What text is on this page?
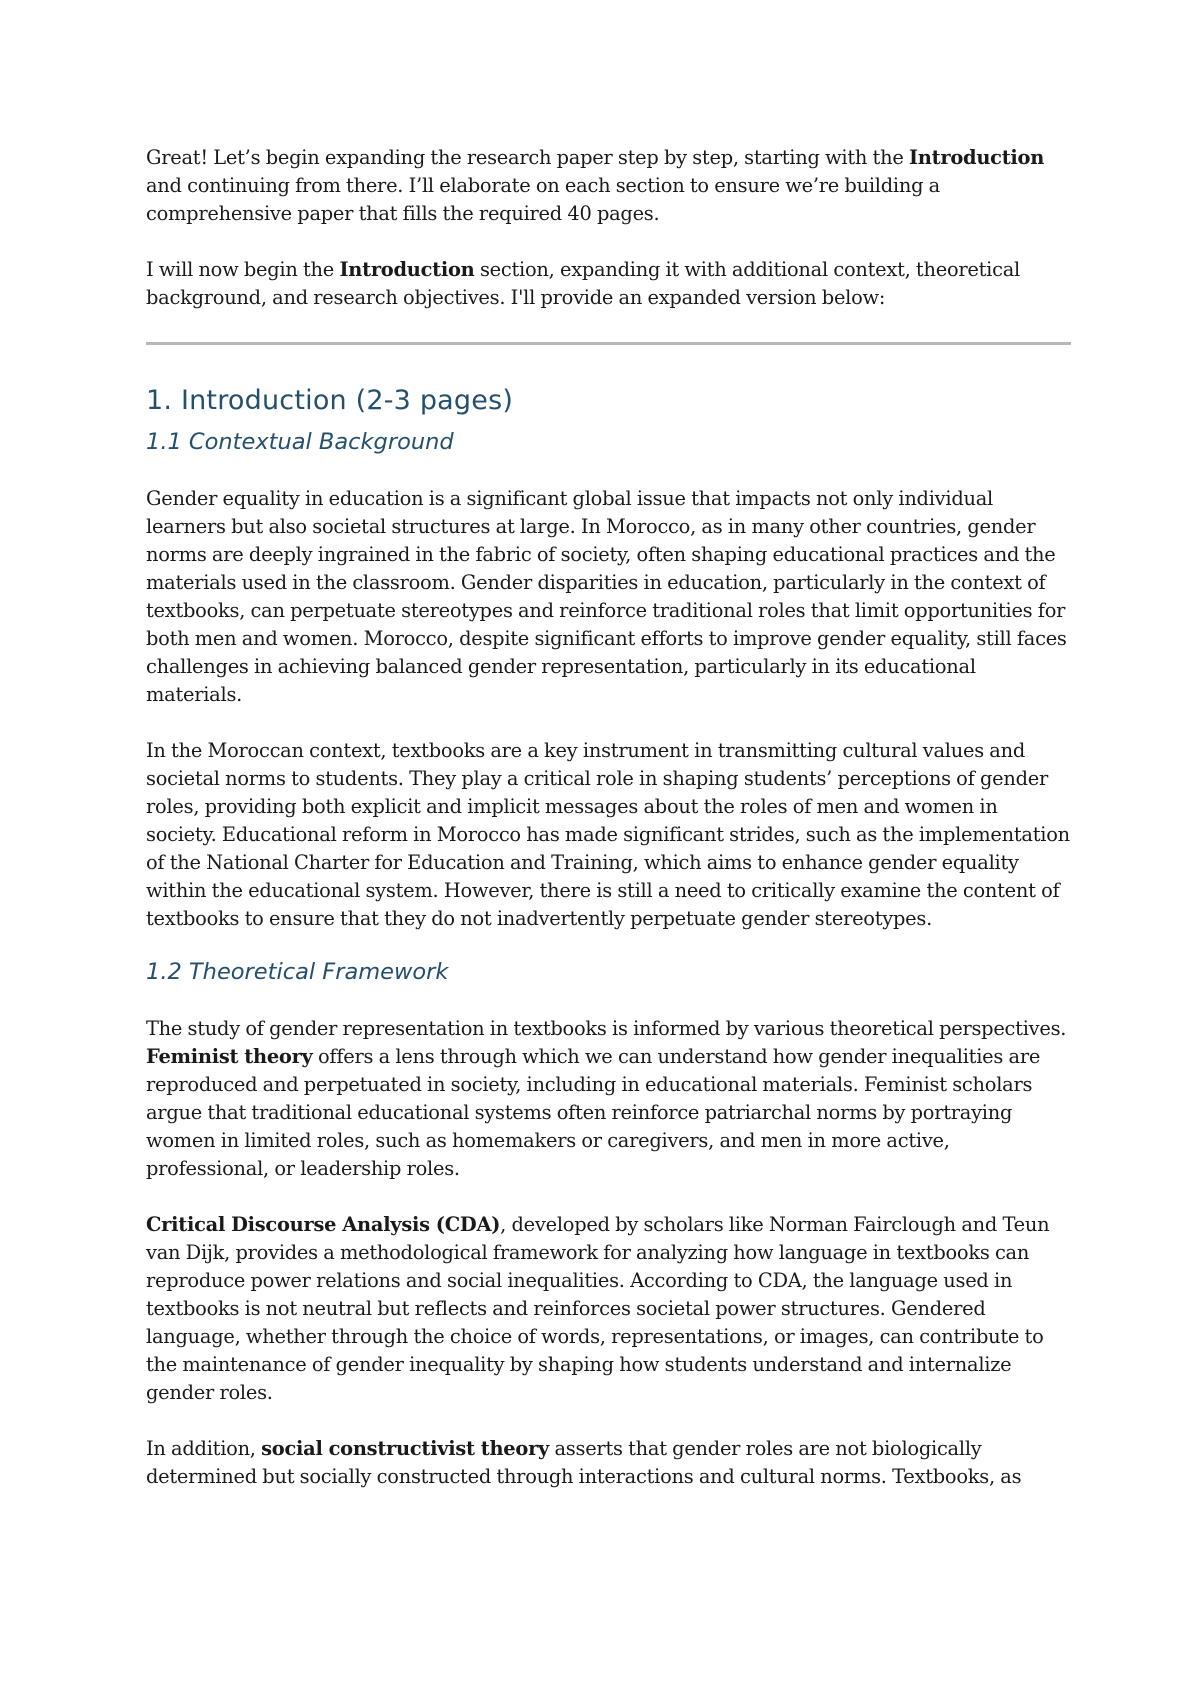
Great! Let’s begin expanding the research paper step by step, starting with the Introduction and continuing from there. I’ll elaborate on each section to ensure we’re building a comprehensive paper that fills the required 40 pages.

I will now begin the Introduction section, expanding it with additional context, theoretical background, and research objectives. I'll provide an expanded version below:

1. Introduction (2-3 pages)
1.1 Contextual Background

Gender equality in education is a significant global issue that impacts not only individual learners but also societal structures at large. In Morocco, as in many other countries, gender norms are deeply ingrained in the fabric of society, often shaping educational practices and the materials used in the classroom. Gender disparities in education, particularly in the context of textbooks, can perpetuate stereotypes and reinforce traditional roles that limit opportunities for both men and women. Morocco, despite significant efforts to improve gender equality, still faces challenges in achieving balanced gender representation, particularly in its educational materials.

In the Moroccan context, textbooks are a key instrument in transmitting cultural values and societal norms to students. They play a critical role in shaping students’ perceptions of gender roles, providing both explicit and implicit messages about the roles of men and women in society. Educational reform in Morocco has made significant strides, such as the implementation of the National Charter for Education and Training, which aims to enhance gender equality within the educational system. However, there is still a need to critically examine the content of textbooks to ensure that they do not inadvertently perpetuate gender stereotypes.

1.2 Theoretical Framework

The study of gender representation in textbooks is informed by various theoretical perspectives. Feminist theory offers a lens through which we can understand how gender inequalities are reproduced and perpetuated in society, including in educational materials. Feminist scholars argue that traditional educational systems often reinforce patriarchal norms by portraying women in limited roles, such as homemakers or caregivers, and men in more active, professional, or leadership roles.

Critical Discourse Analysis (CDA), developed by scholars like Norman Fairclough and Teun van Dijk, provides a methodological framework for analyzing how language in textbooks can reproduce power relations and social inequalities. According to CDA, the language used in textbooks is not neutral but reflects and reinforces societal power structures. Gendered language, whether through the choice of words, representations, or images, can contribute to the maintenance of gender inequality by shaping how students understand and internalize gender roles.

In addition, social constructivist theory asserts that gender roles are not biologically determined but socially constructed through interactions and cultural norms. Textbooks, as
